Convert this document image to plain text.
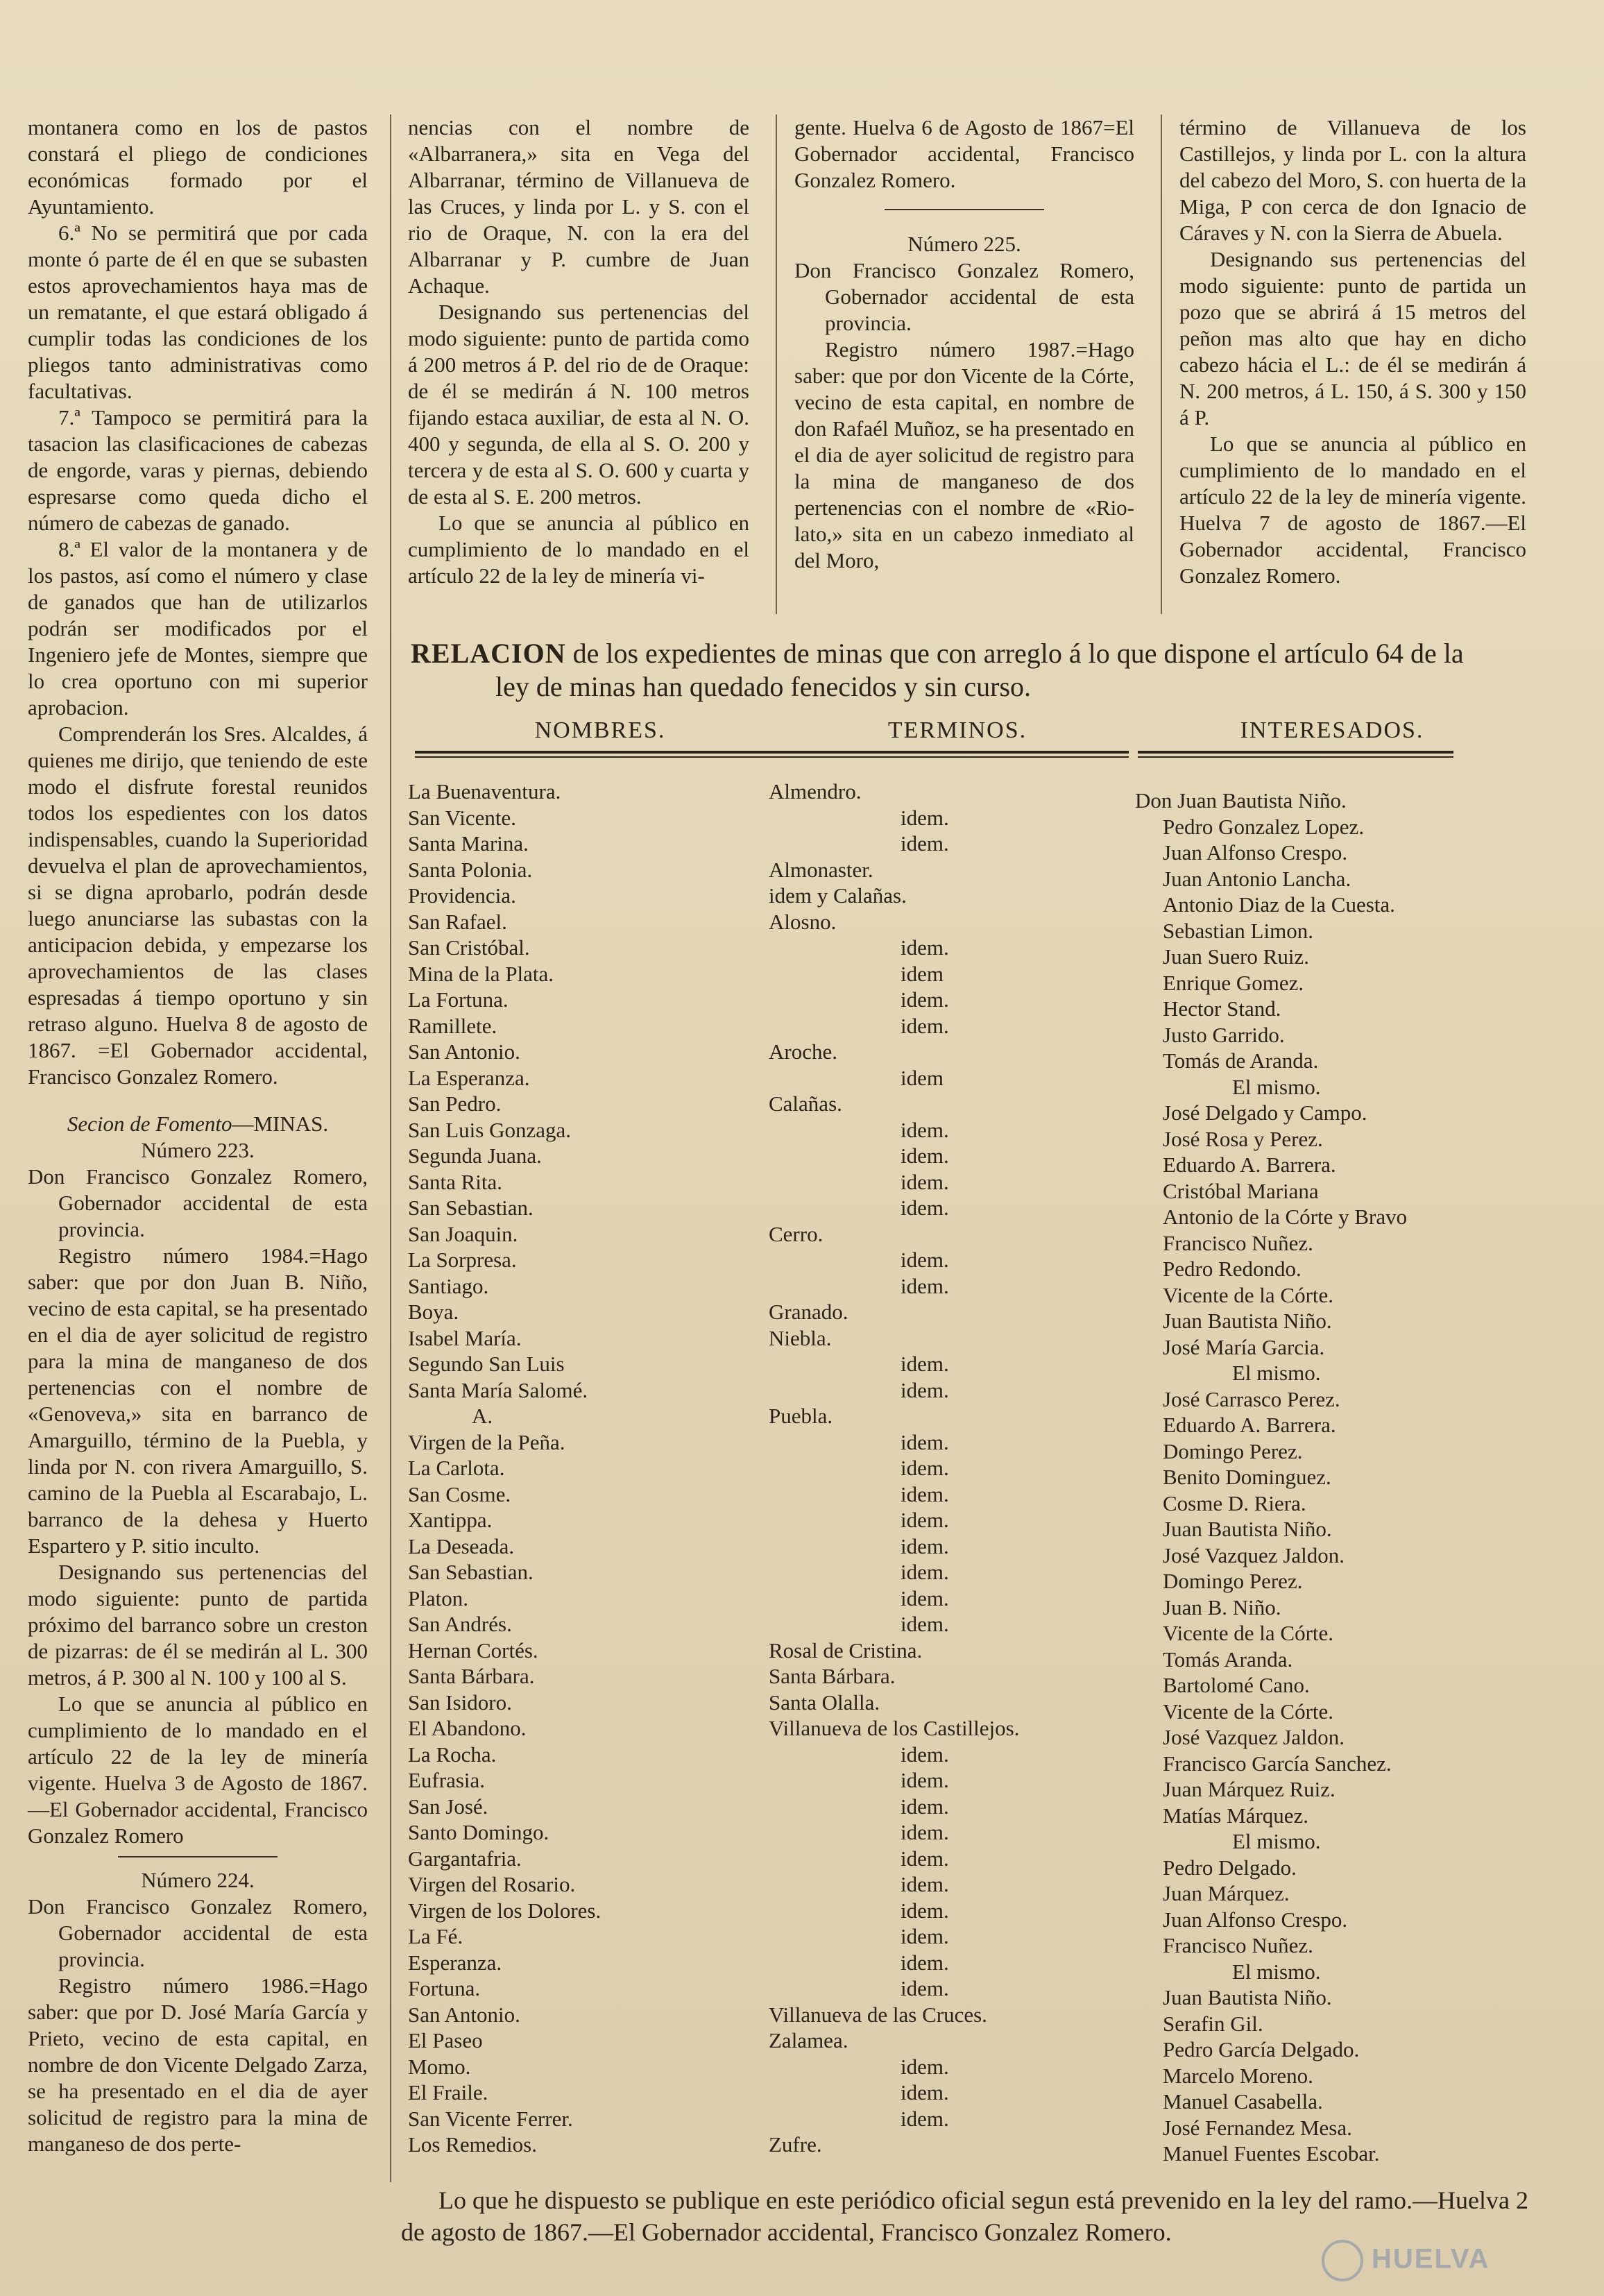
montanera como en los de pastos constará el pliego de condiciones económicas formado por el Ayuntamiento.

6.ª No se permitirá que por cada monte ó parte de él en que se subasten estos aprovechamientos haya mas de un rematante, el que estará obligado á cumplir todas las condiciones de los pliegos tanto administrativas como facultativas.

7.ª Tampoco se permitirá para la tasacion las clasificaciones de cabezas de engorde, varas y piernas, debiendo espresarse como queda dicho el número de cabezas de ganado.

8.ª El valor de la montanera y de los pastos, así como el número y clase de ganados que han de utilizarlos podrán ser modificados por el Ingeniero jefe de Montes, siempre que lo crea oportuno con mi superior aprobacion.

Comprenderán los Sres. Alcaldes, á quienes me dirijo, que teniendo de este modo el disfrute forestal reunidos todos los espedientes con los datos indispensables, cuando la Superioridad devuelva el plan de aprovechamientos, si se digna aprobarlo, podrán desde luego anunciarse las subastas con la anticipacion debida, y empezarse los aprovechamientos de las clases espresadas á tiempo oportuno y sin retraso alguno. Huelva 8 de agosto de 1867. =El Gobernador accidental, Francisco Gonzalez Romero.

Secion de Fomento—MINAS.

Número 223.

Don Francisco Gonzalez Romero, Gobernador accidental de esta provincia.

Registro número 1984.=Hago saber: que por don Juan B. Niño, vecino de esta capital, se ha presentado en el dia de ayer solicitud de registro para la mina de manganeso de dos pertenencias con el nombre de «Genoveva,» sita en barranco de Amarguillo, término de la Puebla, y linda por N. con rivera Amarguillo, S. camino de la Puebla al Escarabajo, L. barranco de la dehesa y Huerto Espartero y P. sitio inculto.

Designando sus pertenencias del modo siguiente: punto de partida próximo del barranco sobre un creston de pizarras: de él se medirán al L. 300 metros, á P. 300 al N. 100 y 100 al S.

Lo que se anuncia al público en cumplimiento de lo mandado en el artículo 22 de la ley de minería vigente. Huelva 3 de Agosto de 1867.—El Gobernador accidental, Francisco Gonzalez Romero

Número 224.

Don Francisco Gonzalez Romero, Gobernador accidental de esta provincia.

Registro número 1986.=Hago saber: que por D. José María García y Prieto, vecino de esta capital, en nombre de don Vicente Delgado Zarza, se ha presentado en el dia de ayer solicitud de registro para la mina de manganeso de dos perte-

nencias con el nombre de «Albarranera,» sita en Vega del Albarranar, término de Villanueva de las Cruces, y linda por L. y S. con el rio de Oraque, N. con la era del Albarranar y P. cumbre de Juan Achaque.

Designando sus pertenencias del modo siguiente: punto de partida como á 200 metros á P. del rio de de Oraque: de él se medirán á N. 100 metros fijando estaca auxiliar, de esta al N. O. 400 y segunda, de ella al S. O. 200 y tercera y de esta al S. O. 600 y cuarta y de esta al S. E. 200 metros.

Lo que se anuncia al público en cumplimiento de lo mandado en el artículo 22 de la ley de minería vi-

gente. Huelva 6 de Agosto de 1867=El Gobernador accidental, Francisco Gonzalez Romero.

Número 225.

Don Francisco Gonzalez Romero, Gobernador accidental de esta provincia.

Registro número 1987.=Hago saber: que por don Vicente de la Córte, vecino de esta capital, en nombre de don Rafaél Muñoz, se ha presentado en el dia de ayer solicitud de registro para la mina de manganeso de dos pertenencias con el nombre de «Rio-lato,» sita en un cabezo inmediato al del Moro,

término de Villanueva de los Castillejos, y linda por L. con la altura del cabezo del Moro, S. con huerta de la Miga, P con cerca de don Ignacio de Cáraves y N. con la Sierra de Abuela.

Designando sus pertenencias del modo siguiente: punto de partida un pozo que se abrirá á 15 metros del peñon mas alto que hay en dicho cabezo hácia el L.: de él se medirán á N. 200 metros, á L. 150, á S. 300 y 150 á P.

Lo que se anuncia al público en cumplimiento de lo mandado en el artículo 22 de la ley de minería vigente. Huelva 7 de agosto de 1867.—El Gobernador accidental, Francisco Gonzalez Romero.

RELACION de los expedientes de minas que con arreglo á lo que dispone el artículo 64 de la
ley de minas han quedado fenecidos y sin curso.
NOMBRES.	TERMINOS.	INTERESADOS.
La Buenaventura.
San Vicente.
Santa Marina.
Santa Polonia.
Providencia.
San Rafael.
San Cristóbal.
Mina de la Plata.
La Fortuna.
Ramillete.
San Antonio.
La Esperanza.
San Pedro.
San Luis Gonzaga.
Segunda Juana.
Santa Rita.
San Sebastian.
San Joaquin.
La Sorpresa.
Santiago.
Boya.
Isabel María.
Segundo San Luis
Santa María Salomé.
A.
Virgen de la Peña.
La Carlota.
San Cosme.
Xantippa.
La Deseada.
San Sebastian.
Platon.
San Andrés.
Hernan Cortés.
Santa Bárbara.
San Isidoro.
El Abandono.
La Rocha.
Eufrasia.
San José.
Santo Domingo.
Gargantafria.
Virgen del Rosario.
Virgen de los Dolores.
La Fé.
Esperanza.
Fortuna.
San Antonio.
El Paseo
Momo.
El Fraile.
San Vicente Ferrer.
Los Remedios.
Almendro.
idem.
idem.
Almonaster.
idem y Calañas.
Alosno.
idem.
idem
idem.
idem.
Aroche.
idem
Calañas.
idem.
idem.
idem.
idem.
Cerro.
idem.
idem.
Granado.
Niebla.
idem.
idem.
Puebla.
idem.
idem.
idem.
idem.
idem.
idem.
idem.
idem.
Rosal de Cristina.
Santa Bárbara.
Santa Olalla.
Villanueva de los Castillejos.
idem.
idem.
idem.
idem.
idem.
idem.
idem.
idem.
idem.
idem.
Villanueva de las Cruces.
Zalamea.
idem.
idem.
idem.
Zufre.
Don Juan Bautista Niño.
Pedro Gonzalez Lopez.
Juan Alfonso Crespo.
Juan Antonio Lancha.
Antonio Diaz de la Cuesta.
Sebastian Limon.
Juan Suero Ruiz.
Enrique Gomez.
Hector Stand.
Justo Garrido.
Tomás de Aranda.
El mismo.
José Delgado y Campo.
José Rosa y Perez.
Eduardo A. Barrera.
Cristóbal Mariana
Antonio de la Córte y Bravo
Francisco Nuñez.
Pedro Redondo.
Vicente de la Córte.
Juan Bautista Niño.
José María Garcia.
El mismo.
José Carrasco Perez.
Eduardo A. Barrera.
Domingo Perez.
Benito Dominguez.
Cosme D. Riera.
Juan Bautista Niño.
José Vazquez Jaldon.
Domingo Perez.
Juan B. Niño.
Vicente de la Córte.
Tomás Aranda.
Bartolomé Cano.
Vicente de la Córte.
José Vazquez Jaldon.
Francisco García Sanchez.
Juan Márquez Ruiz.
Matías Márquez.
El mismo.
Pedro Delgado.
Juan Márquez.
Juan Alfonso Crespo.
Francisco Nuñez.
El mismo.
Juan Bautista Niño.
Serafin Gil.
Pedro García Delgado.
Marcelo Moreno.
Manuel Casabella.
José Fernandez Mesa.
Manuel Fuentes Escobar.

Lo que he dispuesto se publique en este periódico oficial segun está prevenido en la ley del ramo.—Huelva 2 de agosto de 1867.—El Gobernador accidental, Francisco Gonzalez Romero.

HUELVA
